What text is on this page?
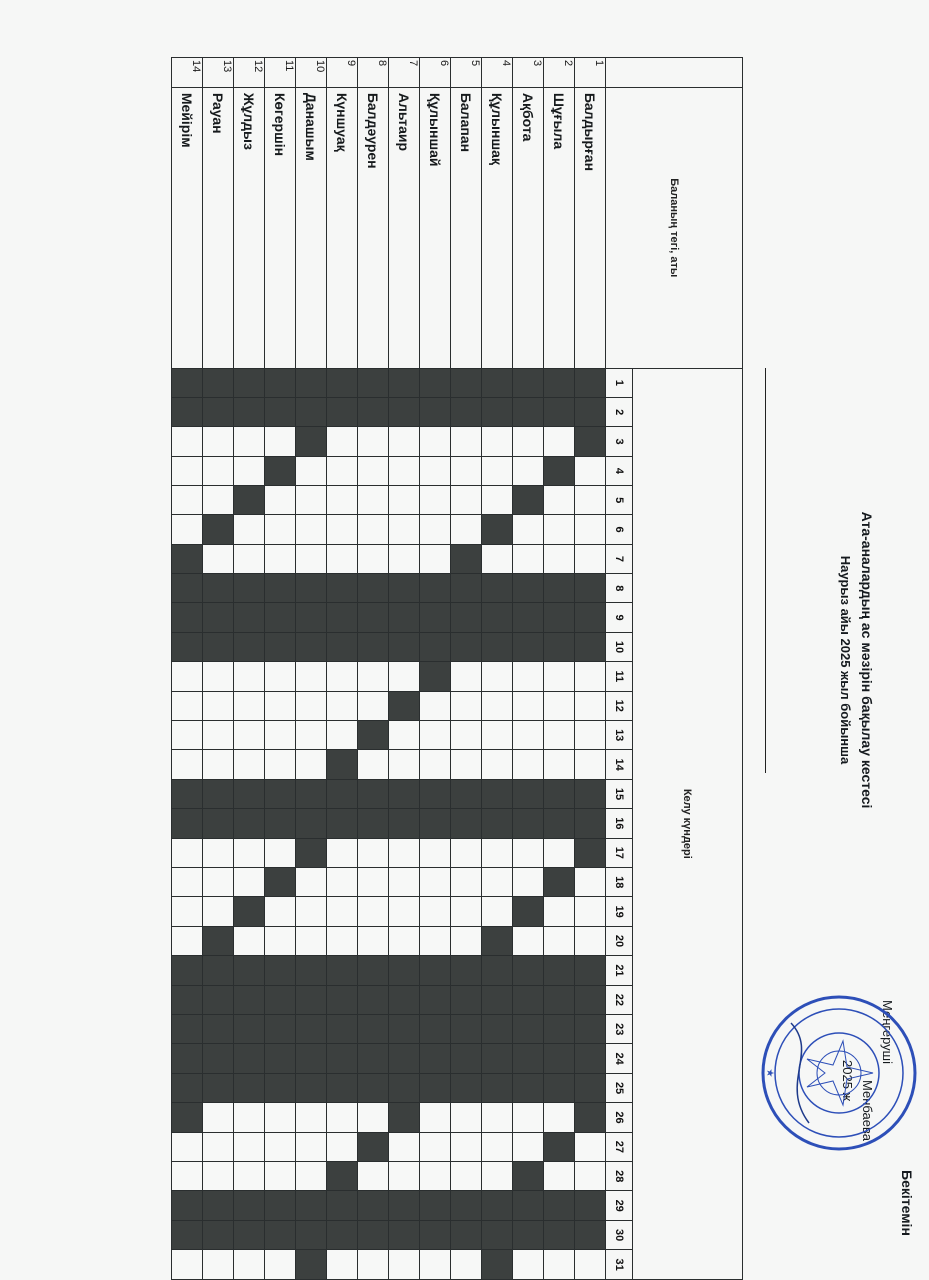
Бекітемін
Меңгеруші
Менбаева
2025 ж
Ата-аналардың ас мәзірін бақылау кестесі
Наурыз айы 2025 жыл бойынша
★
	Баланың тегі, аты	Келу күндері																														
		1	2	3	4	5	6	7	8	9	10	11	12	13	14	15	16	17	18	19	20	21	22	23	24	25	26	27	28	29	30	31
1	Балдырған																															
2	Шұғыла																															
3	Ақбота																															
4	Құлыншақ																															
5	Балапан																															
6	Құлыншай																															
7	Альтаир																															
8	Балдәурен																															
9	Күншуақ																															
10	Данашым																															
11	Көгершін																															
12	Жұлдыз																															
13	Рауан																															
14	Мейірім																															
